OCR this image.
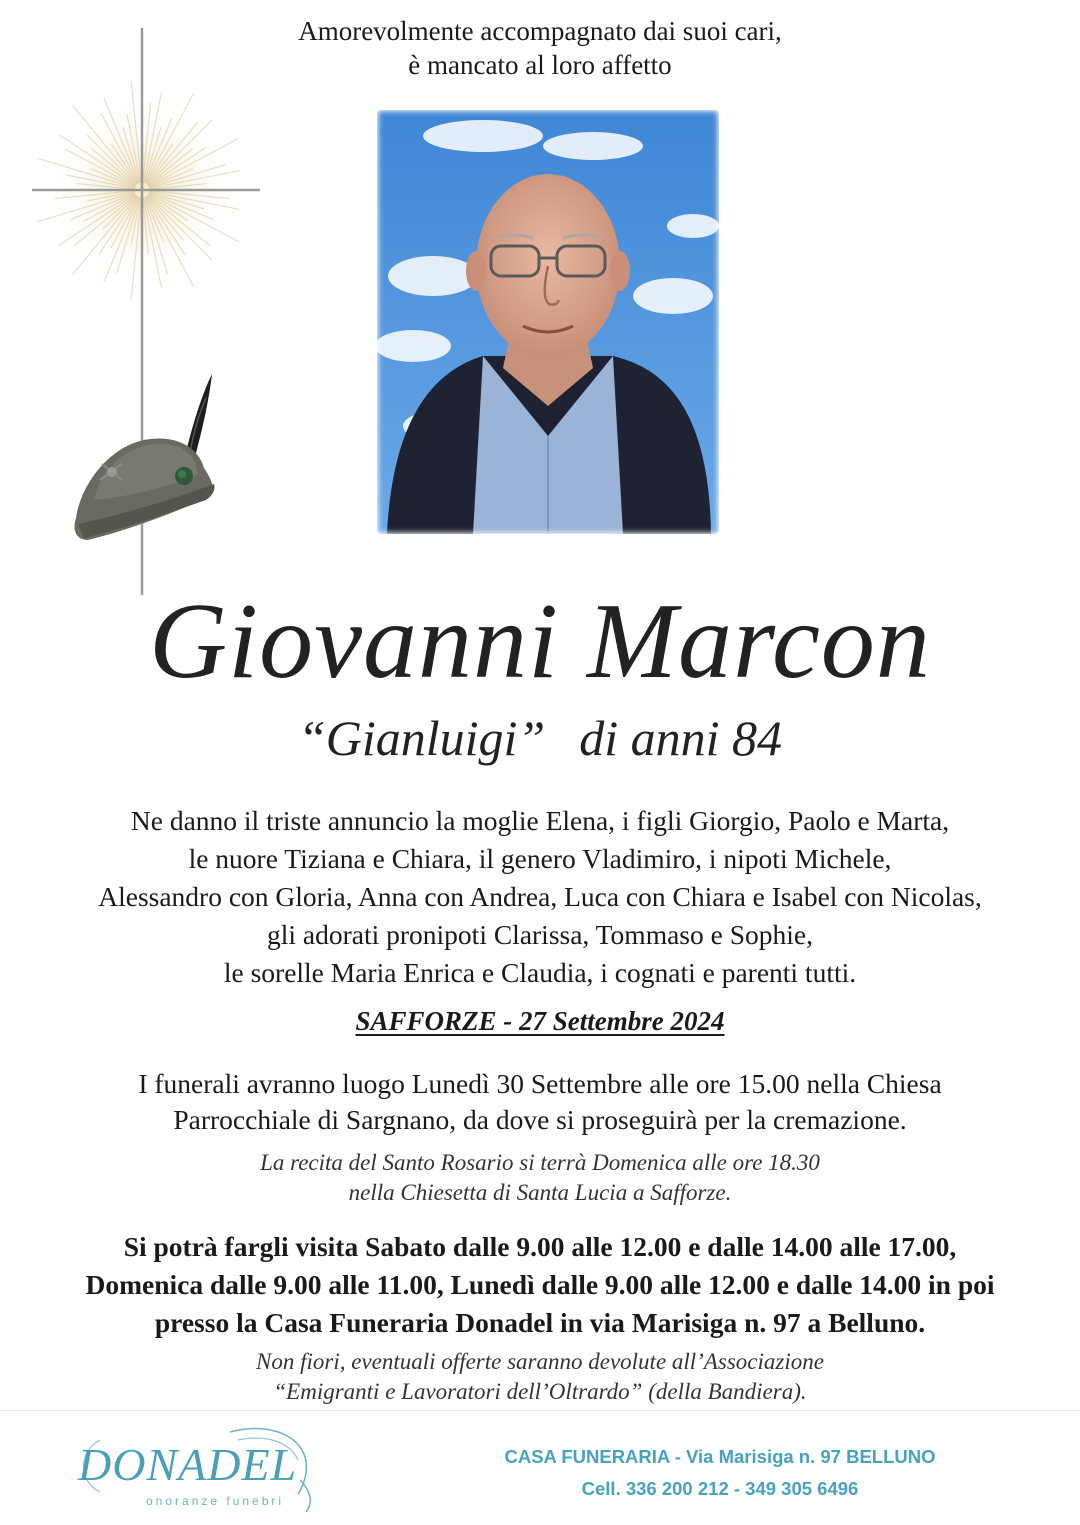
Amorevolmente accompagnato dai suoi cari,
è mancato al loro affetto
Giovanni Marcon
“Gianluigi” di anni 84
Ne danno il triste annuncio la moglie Elena, i figli Giorgio, Paolo e Marta,
le nuore Tiziana e Chiara, il genero Vladimiro, i nipoti Michele,
Alessandro con Gloria, Anna con Andrea, Luca con Chiara e Isabel con Nicolas,
gli adorati pronipoti Clarissa, Tommaso e Sophie,
le sorelle Maria Enrica e Claudia, i cognati e parenti tutti.
SAFFORZE - 27 Settembre 2024
I funerali avranno luogo Lunedì 30 Settembre alle ore 15.00 nella Chiesa
Parrocchiale di Sargnano, da dove si proseguirà per la cremazione.
La recita del Santo Rosario si terrà Domenica alle ore 18.30
nella Chiesetta di Santa Lucia a Safforze.
Si potrà fargli visita Sabato dalle 9.00 alle 12.00 e dalle 14.00 alle 17.00,
Domenica dalle 9.00 alle 11.00, Lunedì dalle 9.00 alle 12.00 e dalle 14.00 in poi
presso la Casa Funeraria Donadel in via Marisiga n. 97 a Belluno.
Non fiori, eventuali offerte saranno devolute all’Associazione
“Emigranti e Lavoratori dell’Oltrardo” (della Bandiera).
DONADEL
onoranze funebri
CASA FUNERARIA - Via Marisiga n. 97 BELLUNO
Cell. 336 200 212 - 349 305 6496
